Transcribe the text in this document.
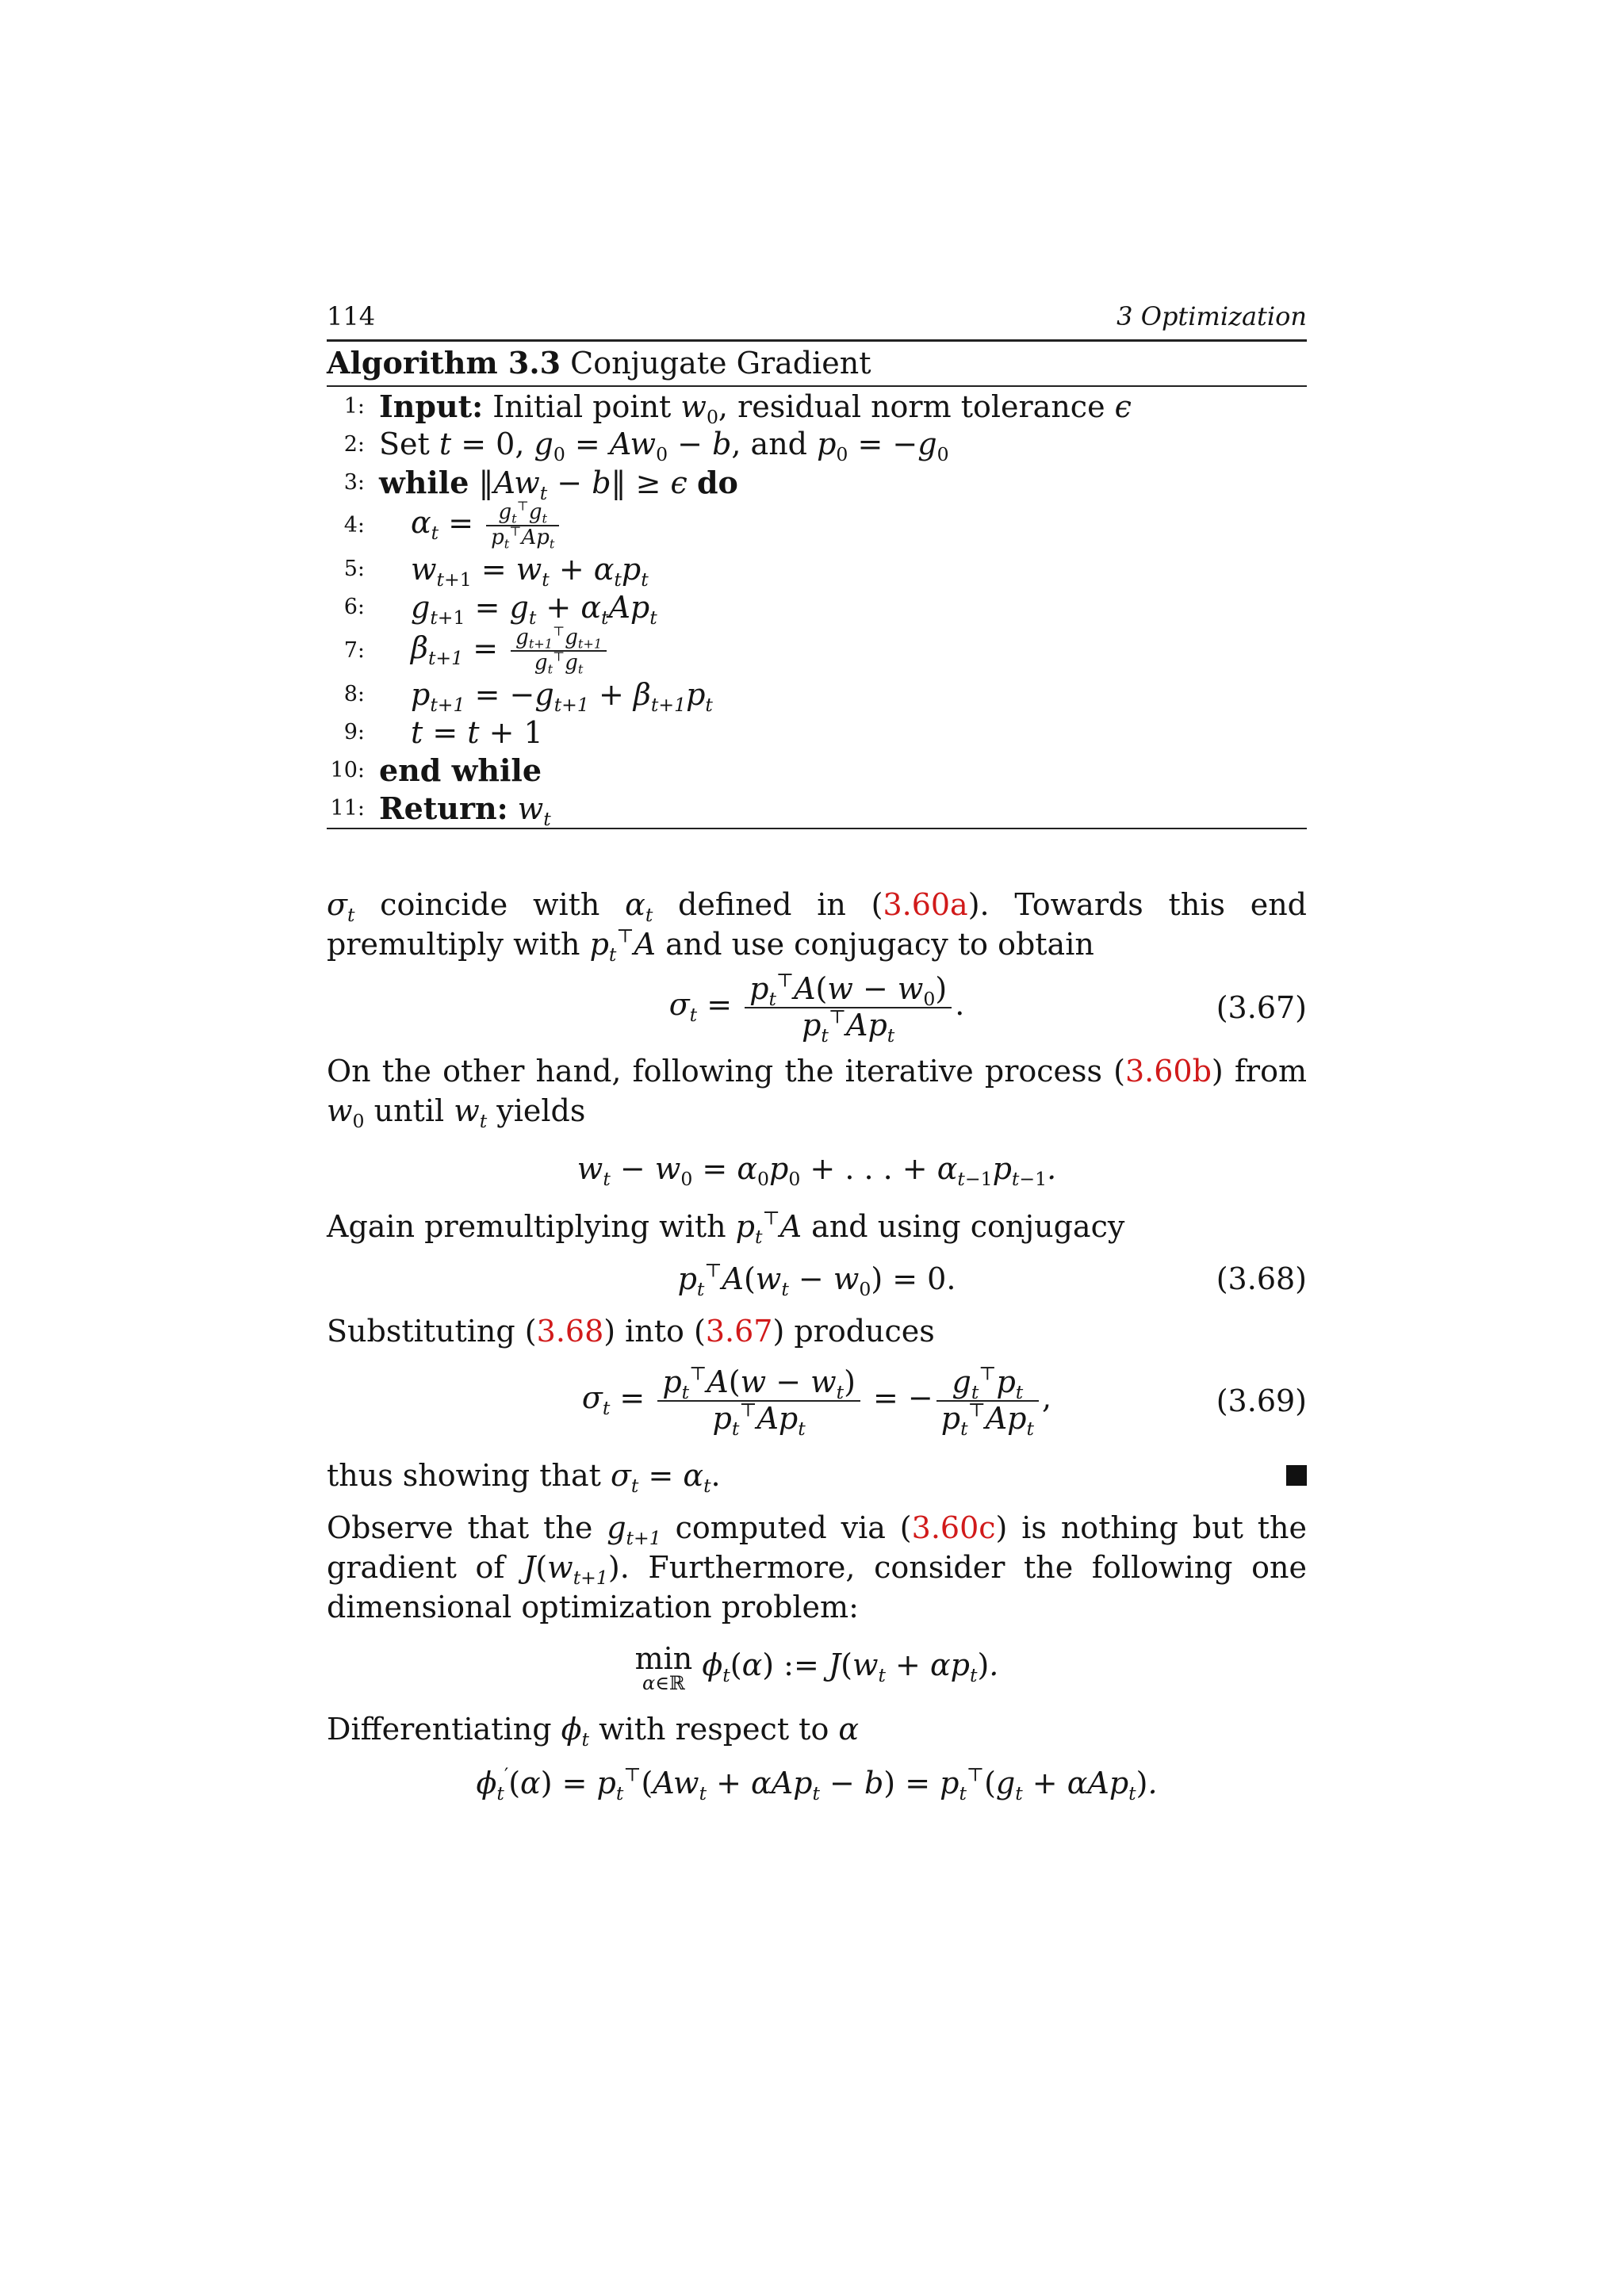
114	3 Optimization
Algorithm 3.3 Conjugate Gradient
1: Input: Initial point $w_0$, residual norm tolerance ϵ
2: Set t = 0, $g_0 = Aw_0 - b$, and $p_0 = -g_0$
3: while $‖Aw_t$ − b‖ ≥ ϵ do
4:	$\alpha_t = \frac{g_t^⊤g_t}{p_t^⊤Ap_t}$
5:	$w_{t+1} = w_t + \alpha_tp_t$
6:	$g_{t+1} = g_t + \alpha_tAp_t$
7:	$\beta_{t+1} = \frac{g_{t+1}^⊤g_{t+1}}{g_t^⊤g_t}$
8:	$p_{t+1} = -g_{t+1} + \beta_{t+1}p_t$
9:	t = t + 1
10: end while
11: Return: $w_t$

$\sigma_t$ coincide with $\alpha_t$ defined in (3.60a). Towards this end premultiply with $p_t^⊤A$ and use conjugacy to obtain

$\sigma_t = \frac{p_t^⊤A(w - w_0)}{p_t^⊤Ap_t}$ .	(3.67)

On the other hand, following the iterative process (3.60b) from $w_0$ until $w_t$ yields

$w_t - w_0 = \alpha_0p_0$ + . . . + $\alpha_{t-1}p_{t-1}$.

Again premultiplying with $p_t^⊤A$ and using conjugacy

$p_t^⊤A(w_t - w_0) = 0$.	(3.68)

Substituting (3.68) into (3.67) produces

$\sigma_t = \frac{p_t^⊤A(w - w_t)}{p_t^⊤Ap_t}$ = − $\frac{g_t^⊤p_t}{p_t^⊤Ap_t}$ ,	(3.69)
thus showing that $\sigma_t = \alpha_t$.

Observe that the $g_{t+1}$ computed via (3.60c) is nothing but the gradient of $J(w_{t+1})$. Furthermore, consider the following one dimensional optimization problem:

min
α∈ℝ
$\phi_t(\alpha)$ := $J(w_t + \alpha p_t)$.

Differentiating $\phi_t$ with respect to α

$\phi_t'(\alpha) = p_t^⊤(Aw_t + \alpha Ap_t - b) = p_t^⊤(g_t + \alpha Ap_t)$.
